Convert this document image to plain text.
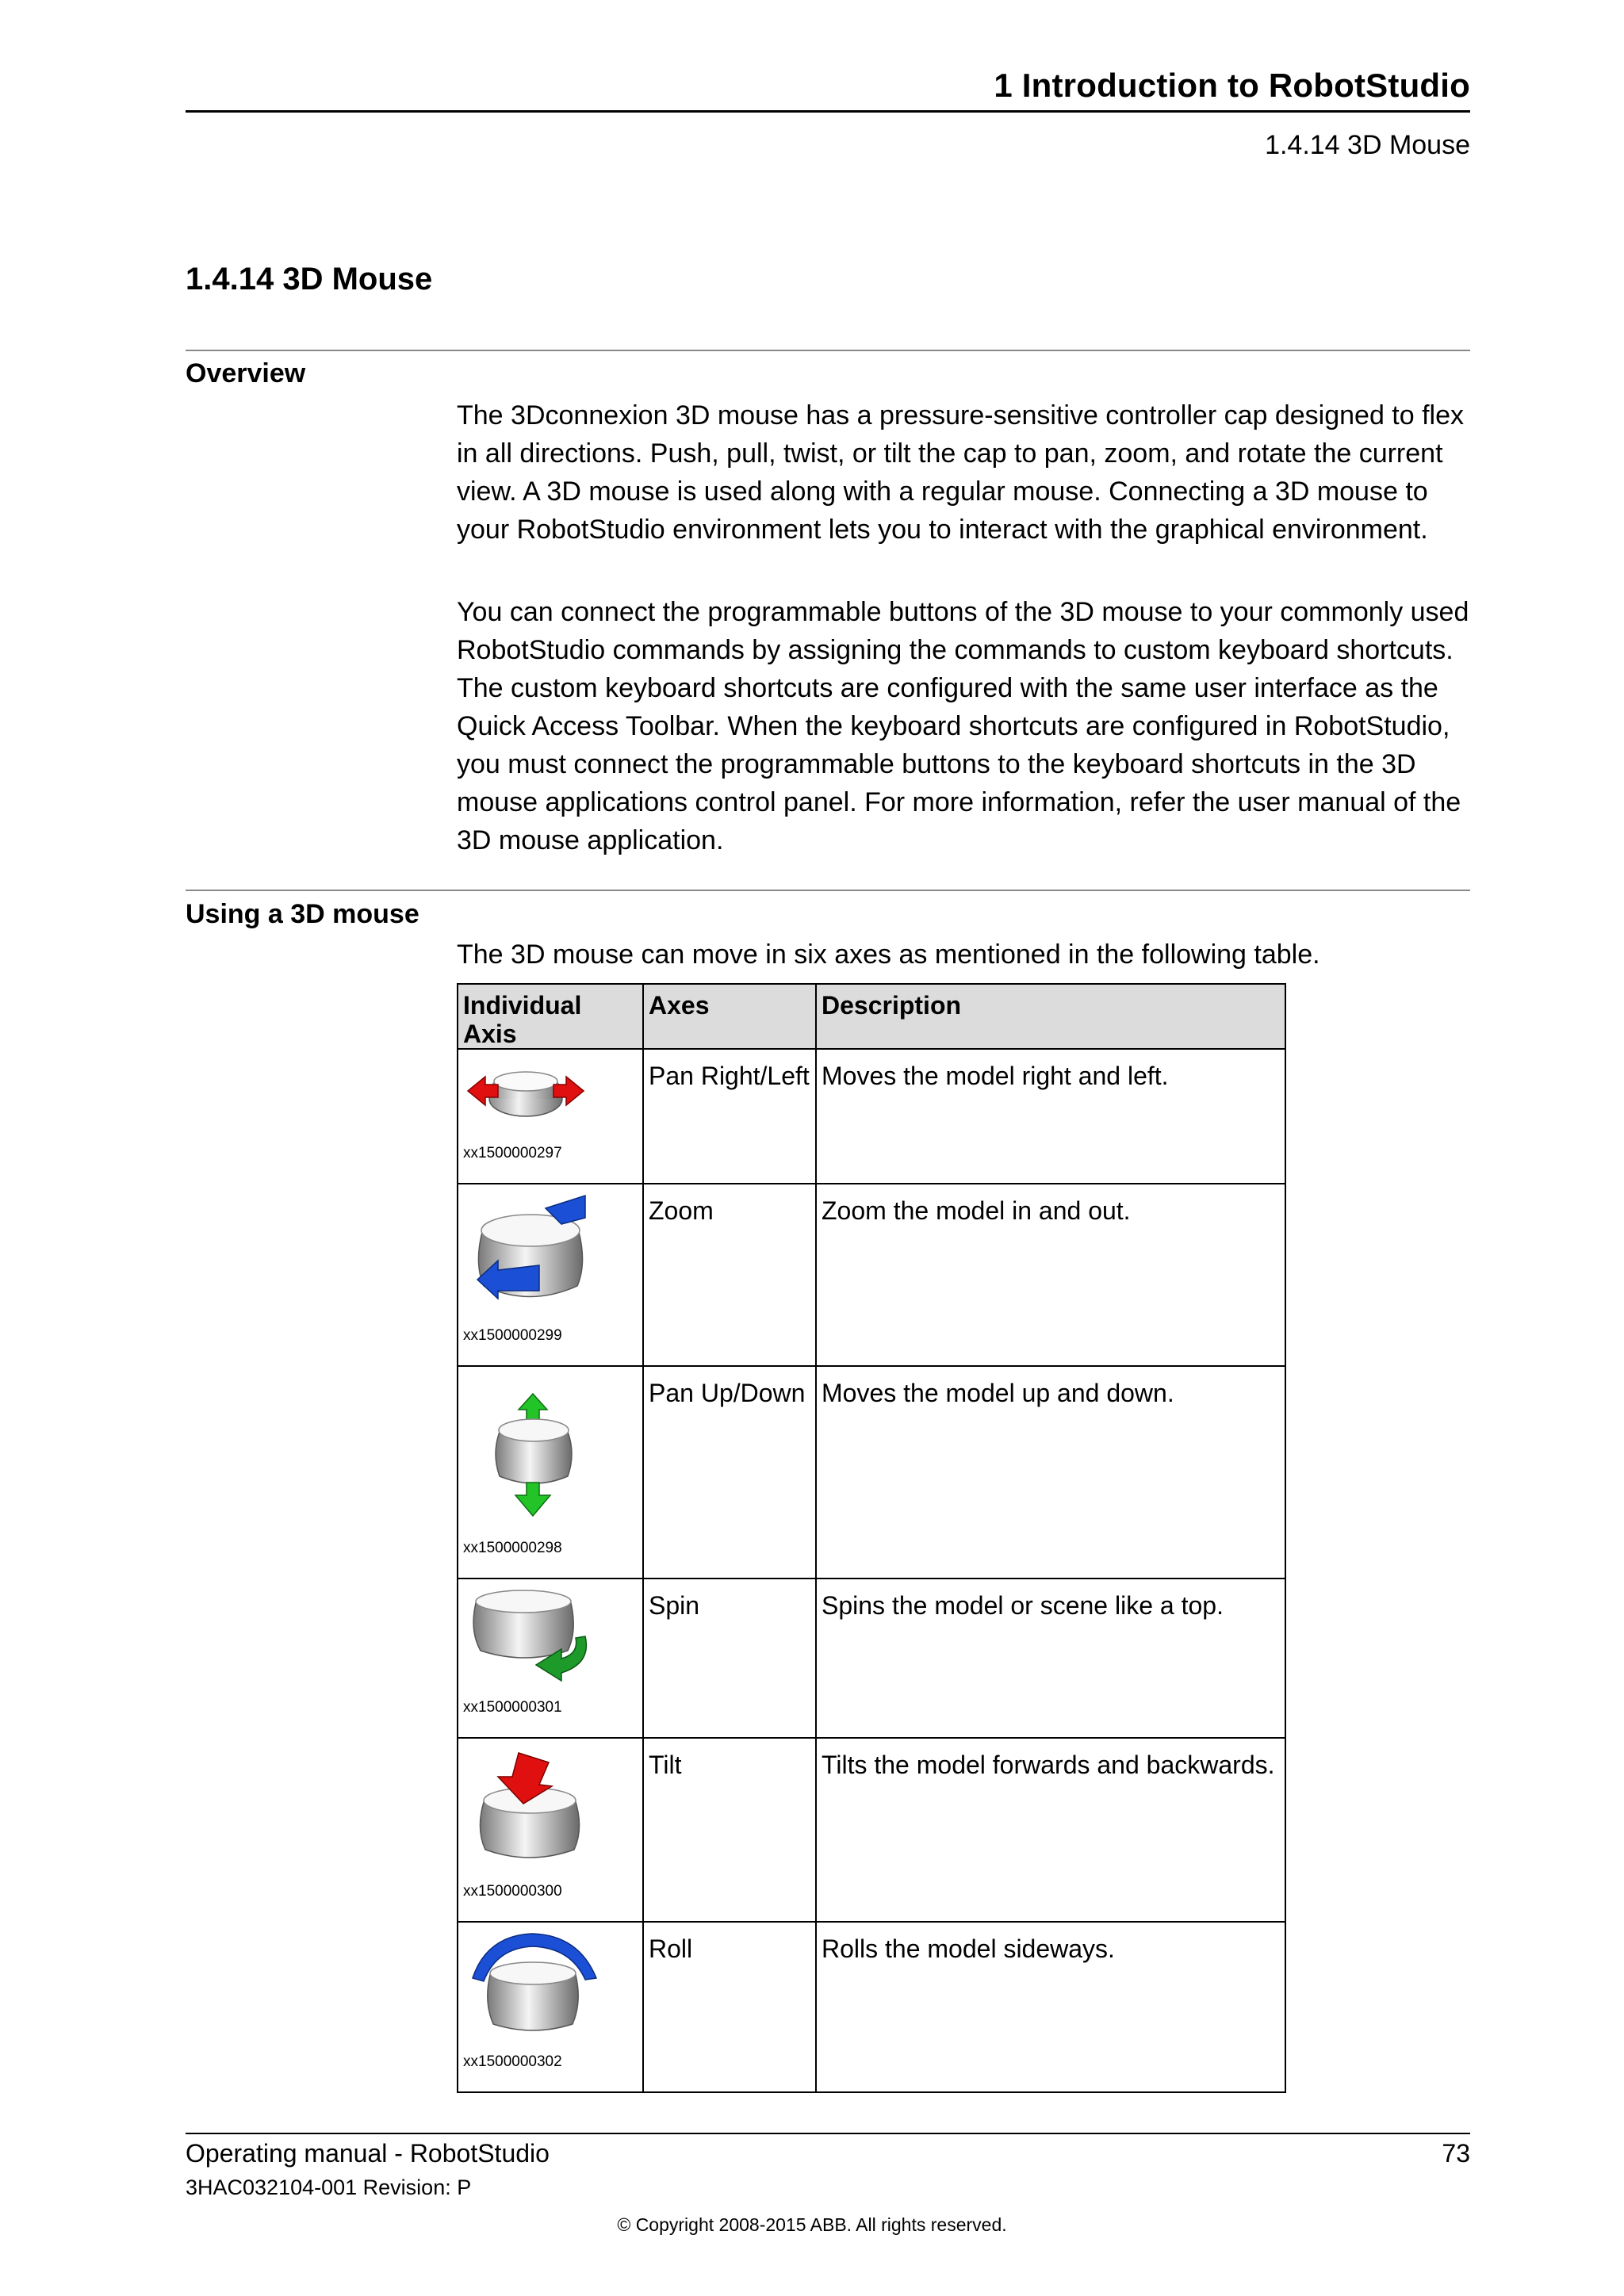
1 Introduction to RobotStudio
1.4.14 3D Mouse
1.4.14 3D Mouse
Overview

The 3Dconnexion 3D mouse has a pressure-sensitive controller cap designed to flex in all directions. Push, pull, twist, or tilt the cap to pan, zoom, and rotate the current view. A 3D mouse is used along with a regular mouse. Connecting a 3D mouse to your RobotStudio environment lets you to interact with the graphical environment.

You can connect the programmable buttons of the 3D mouse to your commonly used RobotStudio commands by assigning the commands to custom keyboard shortcuts. The custom keyboard shortcuts are configured with the same user interface as the Quick Access Toolbar. When the keyboard shortcuts are configured in RobotStudio, you must connect the programmable buttons to the keyboard shortcuts in the 3D mouse applications control panel. For more information, refer the user manual of the 3D mouse application.

Using a 3D mouse

The 3D mouse can move in six axes as mentioned in the following table.

Individual Axis	Axes	Description

xx1500000297	Pan Right/Left	Moves the model right and left.

xx1500000299	Zoom	Zoom the model in and out.

xx1500000298	Pan Up/Down	Moves the model up and down.

xx1500000301	Spin	Spins the model or scene like a top.

xx1500000300	Tilt	Tilts the model forwards and backwards.

xx1500000302	Roll	Rolls the model sideways.
Operating manual - RobotStudio	73
3HAC032104-001 Revision: P
© Copyright 2008-2015 ABB. All rights reserved.
